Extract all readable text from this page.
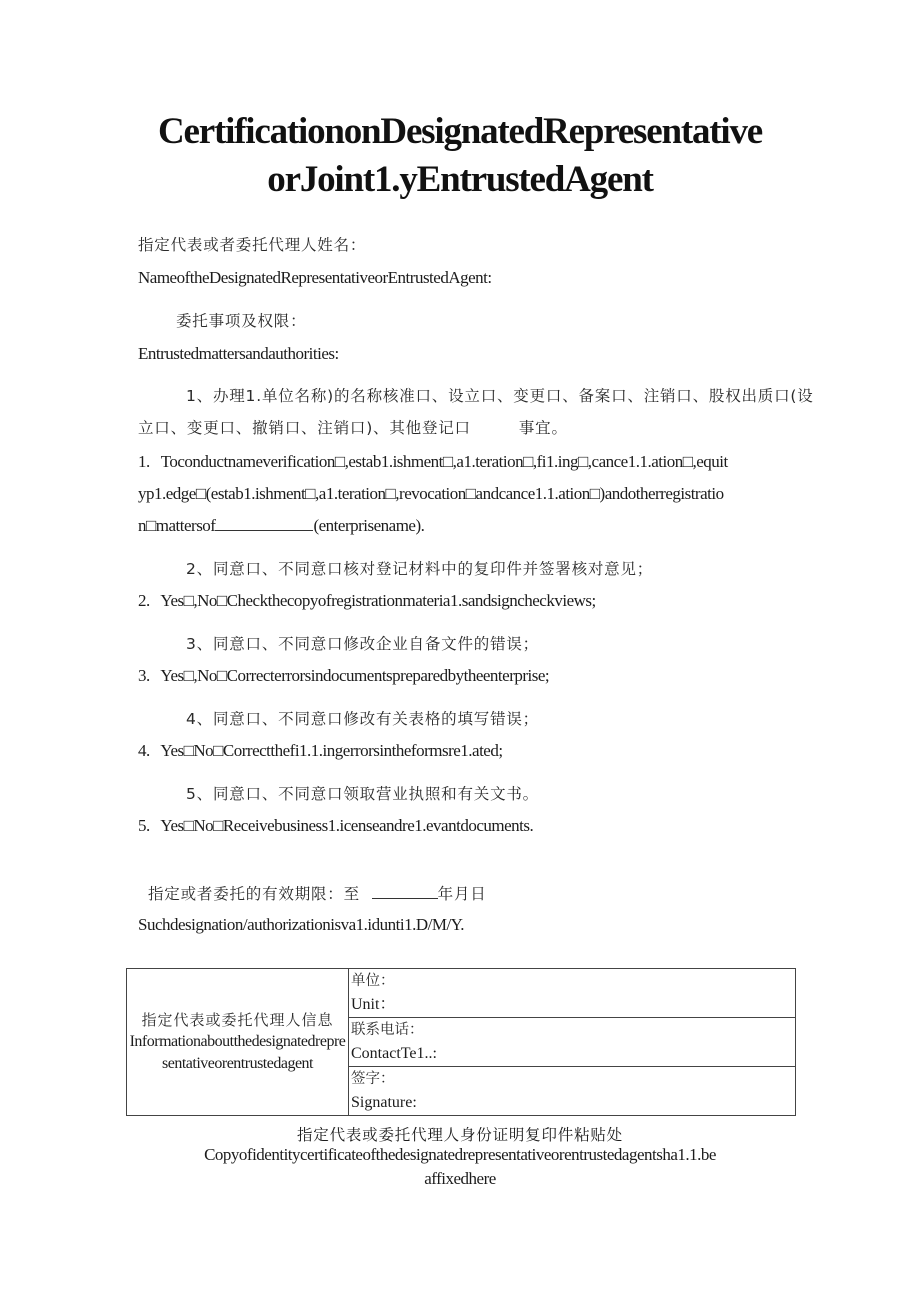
CertificationonDesignatedRepresentative
orJoint1.yEntrustedAgent
指定代表或者委托代理人姓名：
NameoftheDesignatedRepresentativeorEntrustedAgent:
委托事项及权限：
Entrustedmattersandauthorities:
1、办理1.单位名称)的名称核准口、设立口、变更口、备案口、注销口、股权出质口(设
立口、变更口、撤销口、注销口)、其他登记口	事宜。
1.   Toconductnameverification□,estab1.ishment□,a1.teration□,fi1.ing□,cance1.1.ation□,equit
yp1.edge□(estab1.ishment□,a1.teration□,revocation□andcance1.1.ation□)andotherregistratio
n□mattersof	(enterprisename).
2、同意口、不同意口核对登记材料中的复印件并签署核对意见；
2.   Yes□,No□Checkthecopyofregistrationmateria1.sandsigncheckviews;
3、同意口、不同意口修改企业自备文件的错误；
3.   Yes□,No□Correcterrorsindocumentspreparedbytheenterprise;
4、同意口、不同意口修改有关表格的填写错误；
4.   Yes□No□Correctthefi1.1.ingerrorsintheformsre1.ated;
5、同意口、不同意口领取营业执照和有关文书。
5.   Yes□No□Receivebusiness1.icenseandre1.evantdocuments.
指定或者委托的有效期限：至	年月日
Suchdesignation/authorizationisva1.idunti1.D/M/Y.
指定代表或委托代理人信息
Informationaboutthedesignatedrepresentativeorentrustedagent

单位：
Unit：

联系电话：
ContactTe1..:

签字：
Signature:
指定代表或委托代理人身份证明复印件粘贴处
Copyofidentitycertificateofthedesignatedrepresentativeorentrustedagentsha1.1.be
affixedhere
